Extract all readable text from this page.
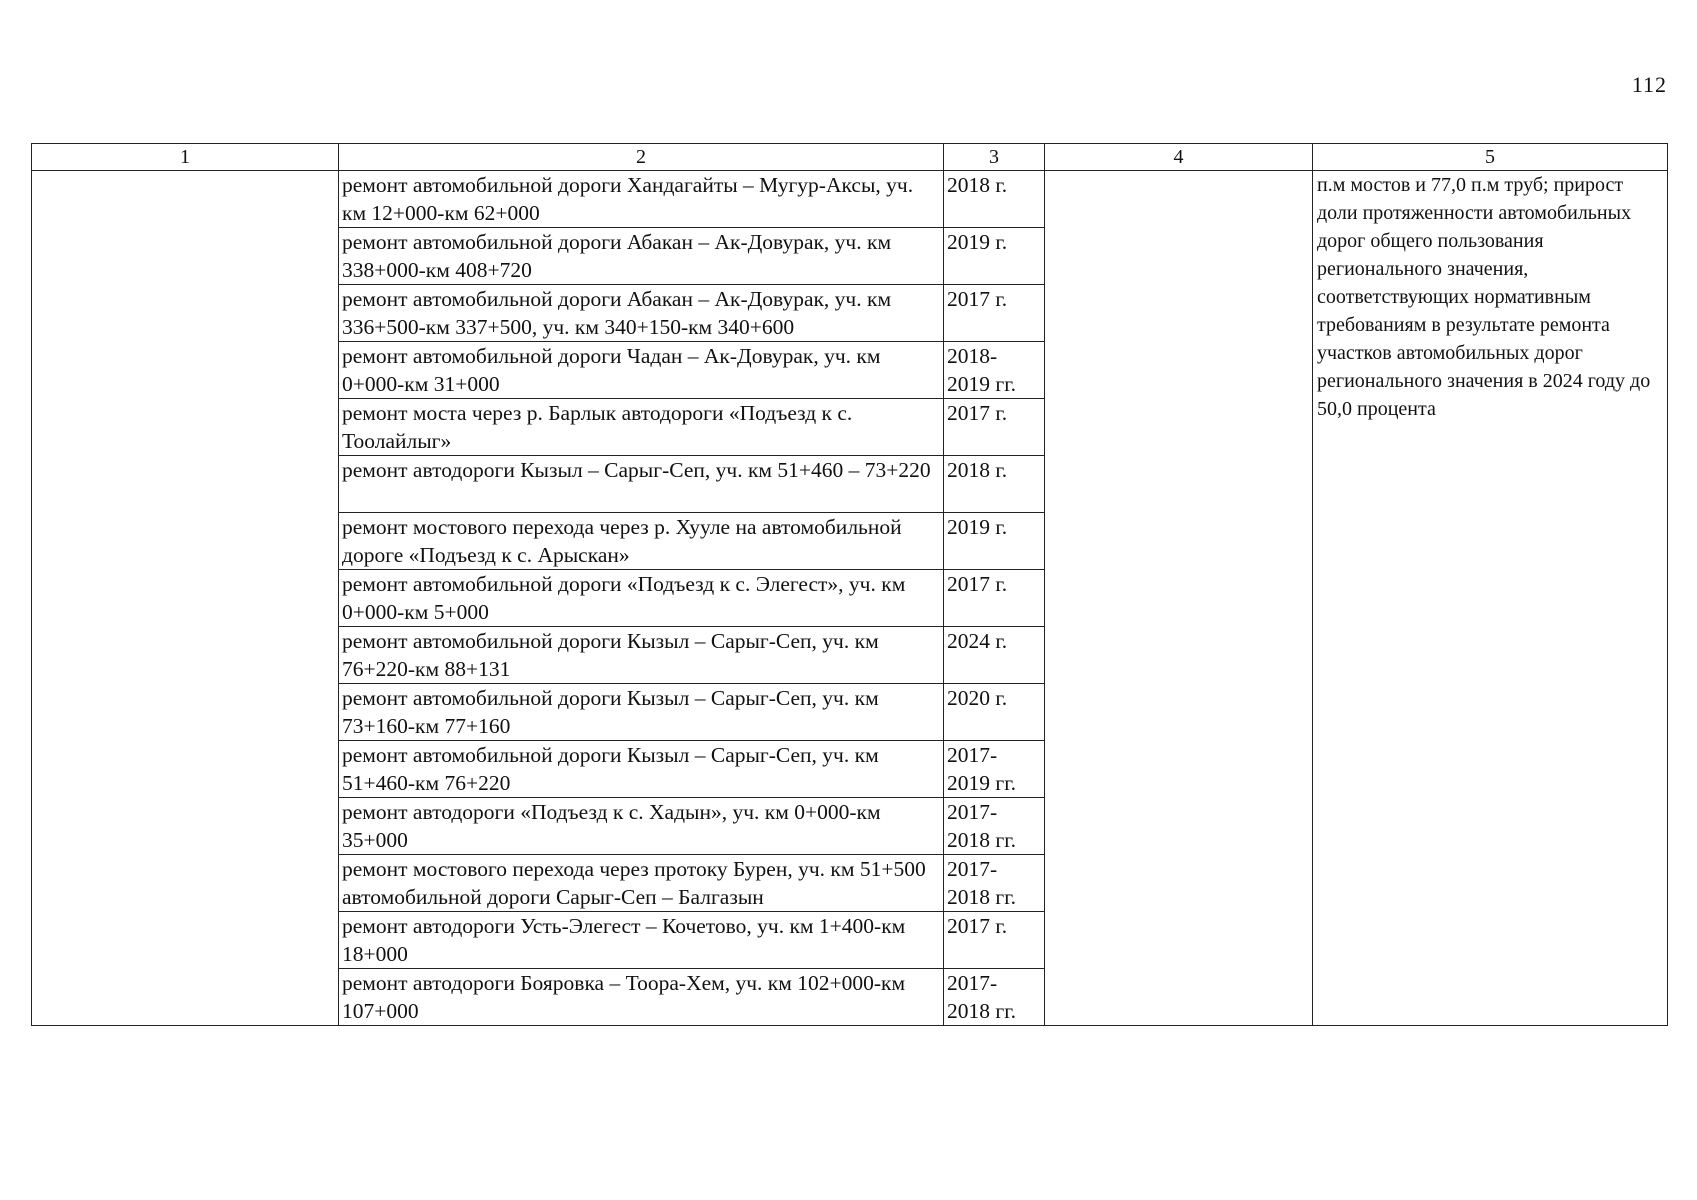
112
1	2	3	4	5
	ремонт автомобильной дороги Хандагайты – Мугур-Аксы, уч. км 12+000-км 62+000	2018 г.		п.м мостов и 77,0 п.м труб; прирост доли протяженности автомобильных дорог общего пользования регионального значения, соответствующих нормативным требованиям в результате ремонта участков автомобильных дорог регионального значения в 2024 году до 50,0 процента
	ремонт автомобильной дороги Абакан – Ак-Довурак, уч. км 338+000-км 408+720	2019 г.		
	ремонт автомобильной дороги Абакан – Ак-Довурак, уч. км 336+500-км 337+500, уч. км 340+150-км 340+600	2017 г.		
	ремонт автомобильной дороги Чадан – Ак-Довурак, уч. км 0+000-км 31+000	2018-
2019 гг.		
	ремонт моста через р. Барлык автодороги «Подъезд к с. Тоолайлыг»	2017 г.		
	ремонт автодороги Кызыл – Сарыг-Сеп, уч. км 51+460 – 73+220	2018 г.		
	ремонт мостового перехода через р. Хууле на автомобильной дороге «Подъезд к с. Арыскан»	2019 г.		
	ремонт автомобильной дороги «Подъезд к с. Элегест», уч. км 0+000-км 5+000	2017 г.		
	ремонт автомобильной дороги Кызыл – Сарыг-Сеп, уч. км 76+220-км 88+131	2024 г.		
	ремонт автомобильной дороги Кызыл – Сарыг-Сеп, уч. км 73+160-км 77+160	2020 г.		
	ремонт автомобильной дороги Кызыл – Сарыг-Сеп, уч. км 51+460-км 76+220	2017-
2019 гг.		
	ремонт автодороги «Подъезд к с. Хадын», уч. км 0+000-км 35+000	2017-
2018 гг.		
	ремонт мостового перехода через протоку Бурен, уч. км 51+500 автомобильной дороги Сарыг-Сеп – Балгазын	2017-
2018 гг.		
	ремонт автодороги Усть-Элегест – Кочетово, уч. км 1+400-км 18+000	2017 г.		
	ремонт автодороги Бояровка – Тоора-Хем, уч. км 102+000-км 107+000	2017-
2018 гг.		
